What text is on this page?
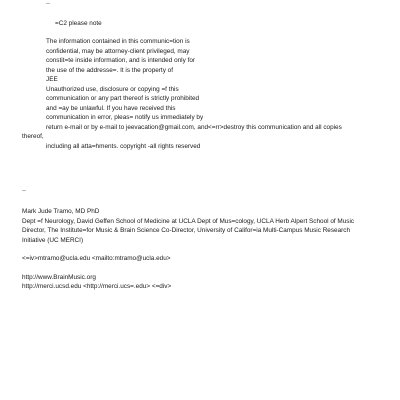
--
=C2 please note
The information contained in this communic=tion is
confidential, may be attorney-client privileged, may
constit=te inside information, and is intended only for
the use of the addresse=. It is the property of
JEE
Unauthorized use, disclosure or copying =f this
communication or any part thereof is strictly prohibited
and =ay be unlawful. If you have received this
communication in error, pleas= notify us immediately by
return e-mail or by e-mail to jeevacation@gmail.com, and<=rr>destroy this communication and all copies
thereof,
including all atta=hments. copyright -all rights reserved
--
Mark Jude Tramo, MD PhD
Dept =f Neurology, David Geffen School of Medicine at UCLA Dept of Mus=cology, UCLA Herb Alpert School of Music
Director, The Institute=for Music & Brain Science Co-Director, University of Califor=ia Multi-Campus Music Research
Initiative (UC MERCI)
<=iv>mtramo@ucla.edu <mailto:mtramo@ucla.edu>
http://www.BrainMusic.org
http://merci.ucsd.edu <http://merci.ucs=.edu> <=div>
